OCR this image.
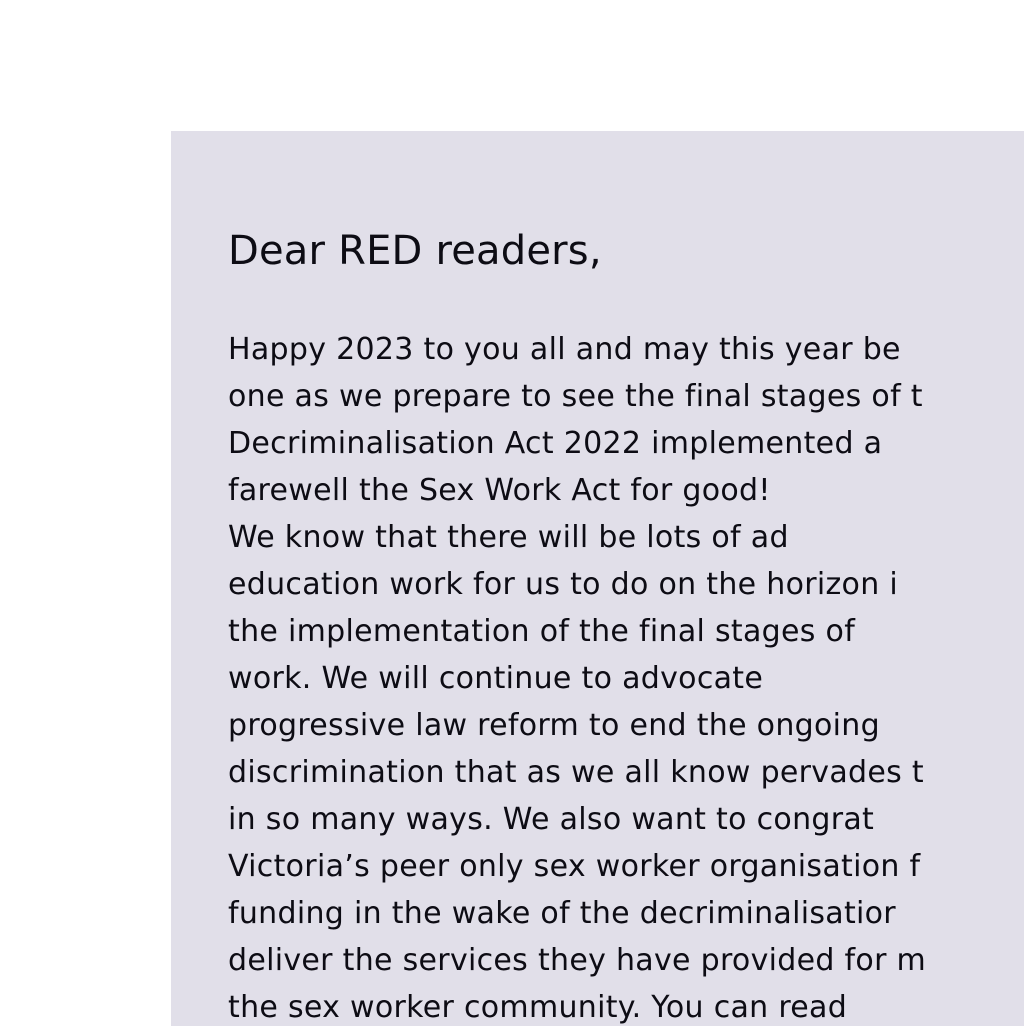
Dear RED readers,

Happy 2023 to you all and may this year be

one as we prepare to see the final stages of t

Decriminalisation Act 2022 implemented a

farewell the Sex Work Act for good!

We know that there will be lots of ad

education work for us to do on the horizon i

the implementation of the final stages of

work. We will continue to advocate

progressive law reform to end the ongoing

discrimination that as we all know pervades t

in so many ways. We also want to congrat

Victoria’s peer only sex worker organisation f

funding in the wake of the decriminalisatior

deliver the services they have provided for m

the sex worker community. You can read
